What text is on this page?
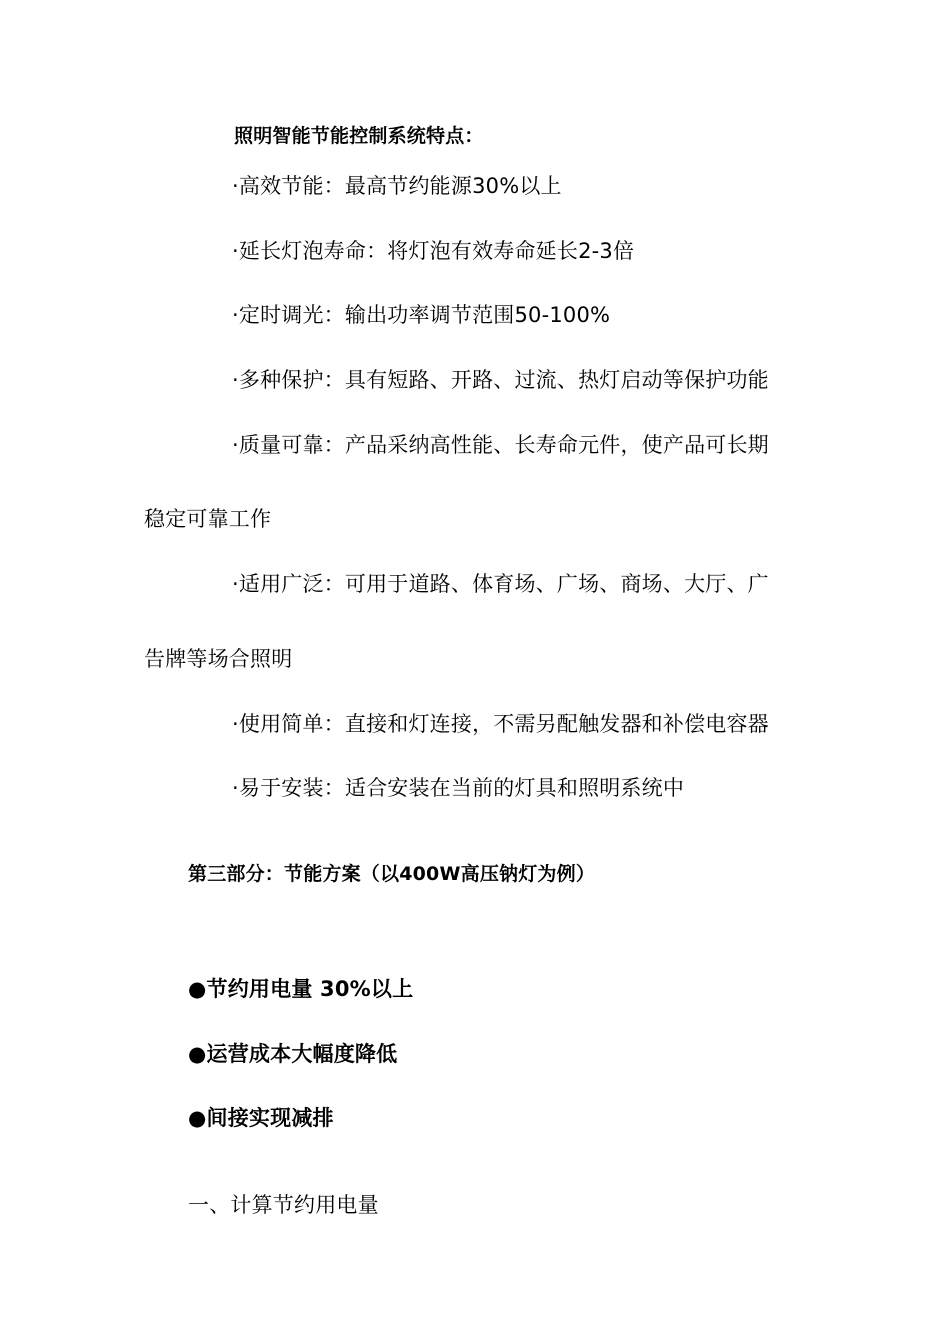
照明智能节能控制系统特点：
·高效节能：最高节约能源30%以上
·延长灯泡寿命：将灯泡有效寿命延长2-3倍
·定时调光：输出功率调节范围50-100%
·多种保护：具有短路、开路、过流、热灯启动等保护功能
·质量可靠：产品采纳高性能、长寿命元件，使产品可长期
稳定可靠工作
·适用广泛：可用于道路、体育场、广场、商场、大厅、广
告牌等场合照明
·使用简单：直接和灯连接，不需另配触发器和补偿电容器
·易于安装：适合安装在当前的灯具和照明系统中
第三部分：节能方案（以400W高压钠灯为例）
●节约用电量 30%以上
●运营成本大幅度降低
●间接实现减排
一、计算节约用电量
